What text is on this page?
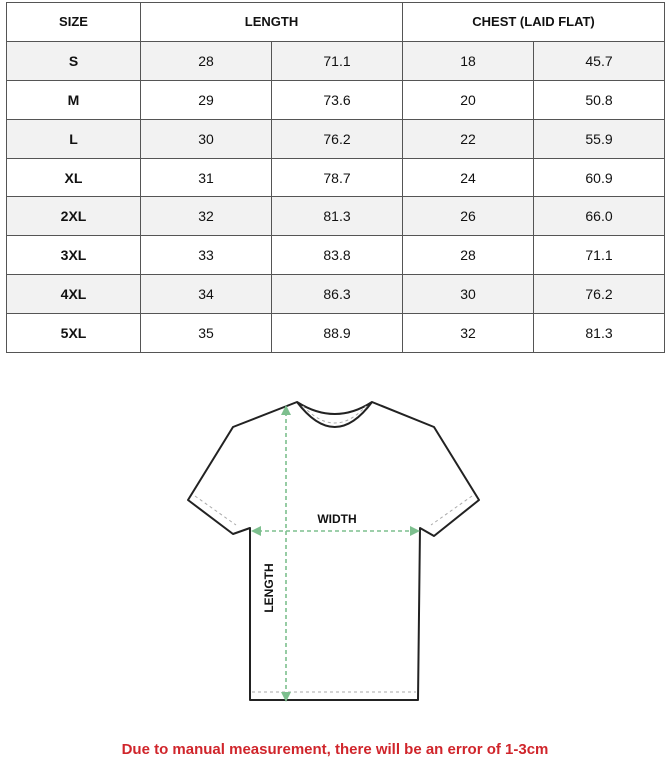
SIZE	LENGTH		CHEST (LAID FLAT)	
S	28	71.1	18	45.7
M	29	73.6	20	50.8
L	30	76.2	22	55.9
XL	31	78.7	24	60.9
2XL	32	81.3	26	66.0
3XL	33	83.8	28	71.1
4XL	34	86.3	30	76.2
5XL	35	88.9	32	81.3
WIDTH
LENGTH
Due to manual measurement, there will be an error of 1-3cm
